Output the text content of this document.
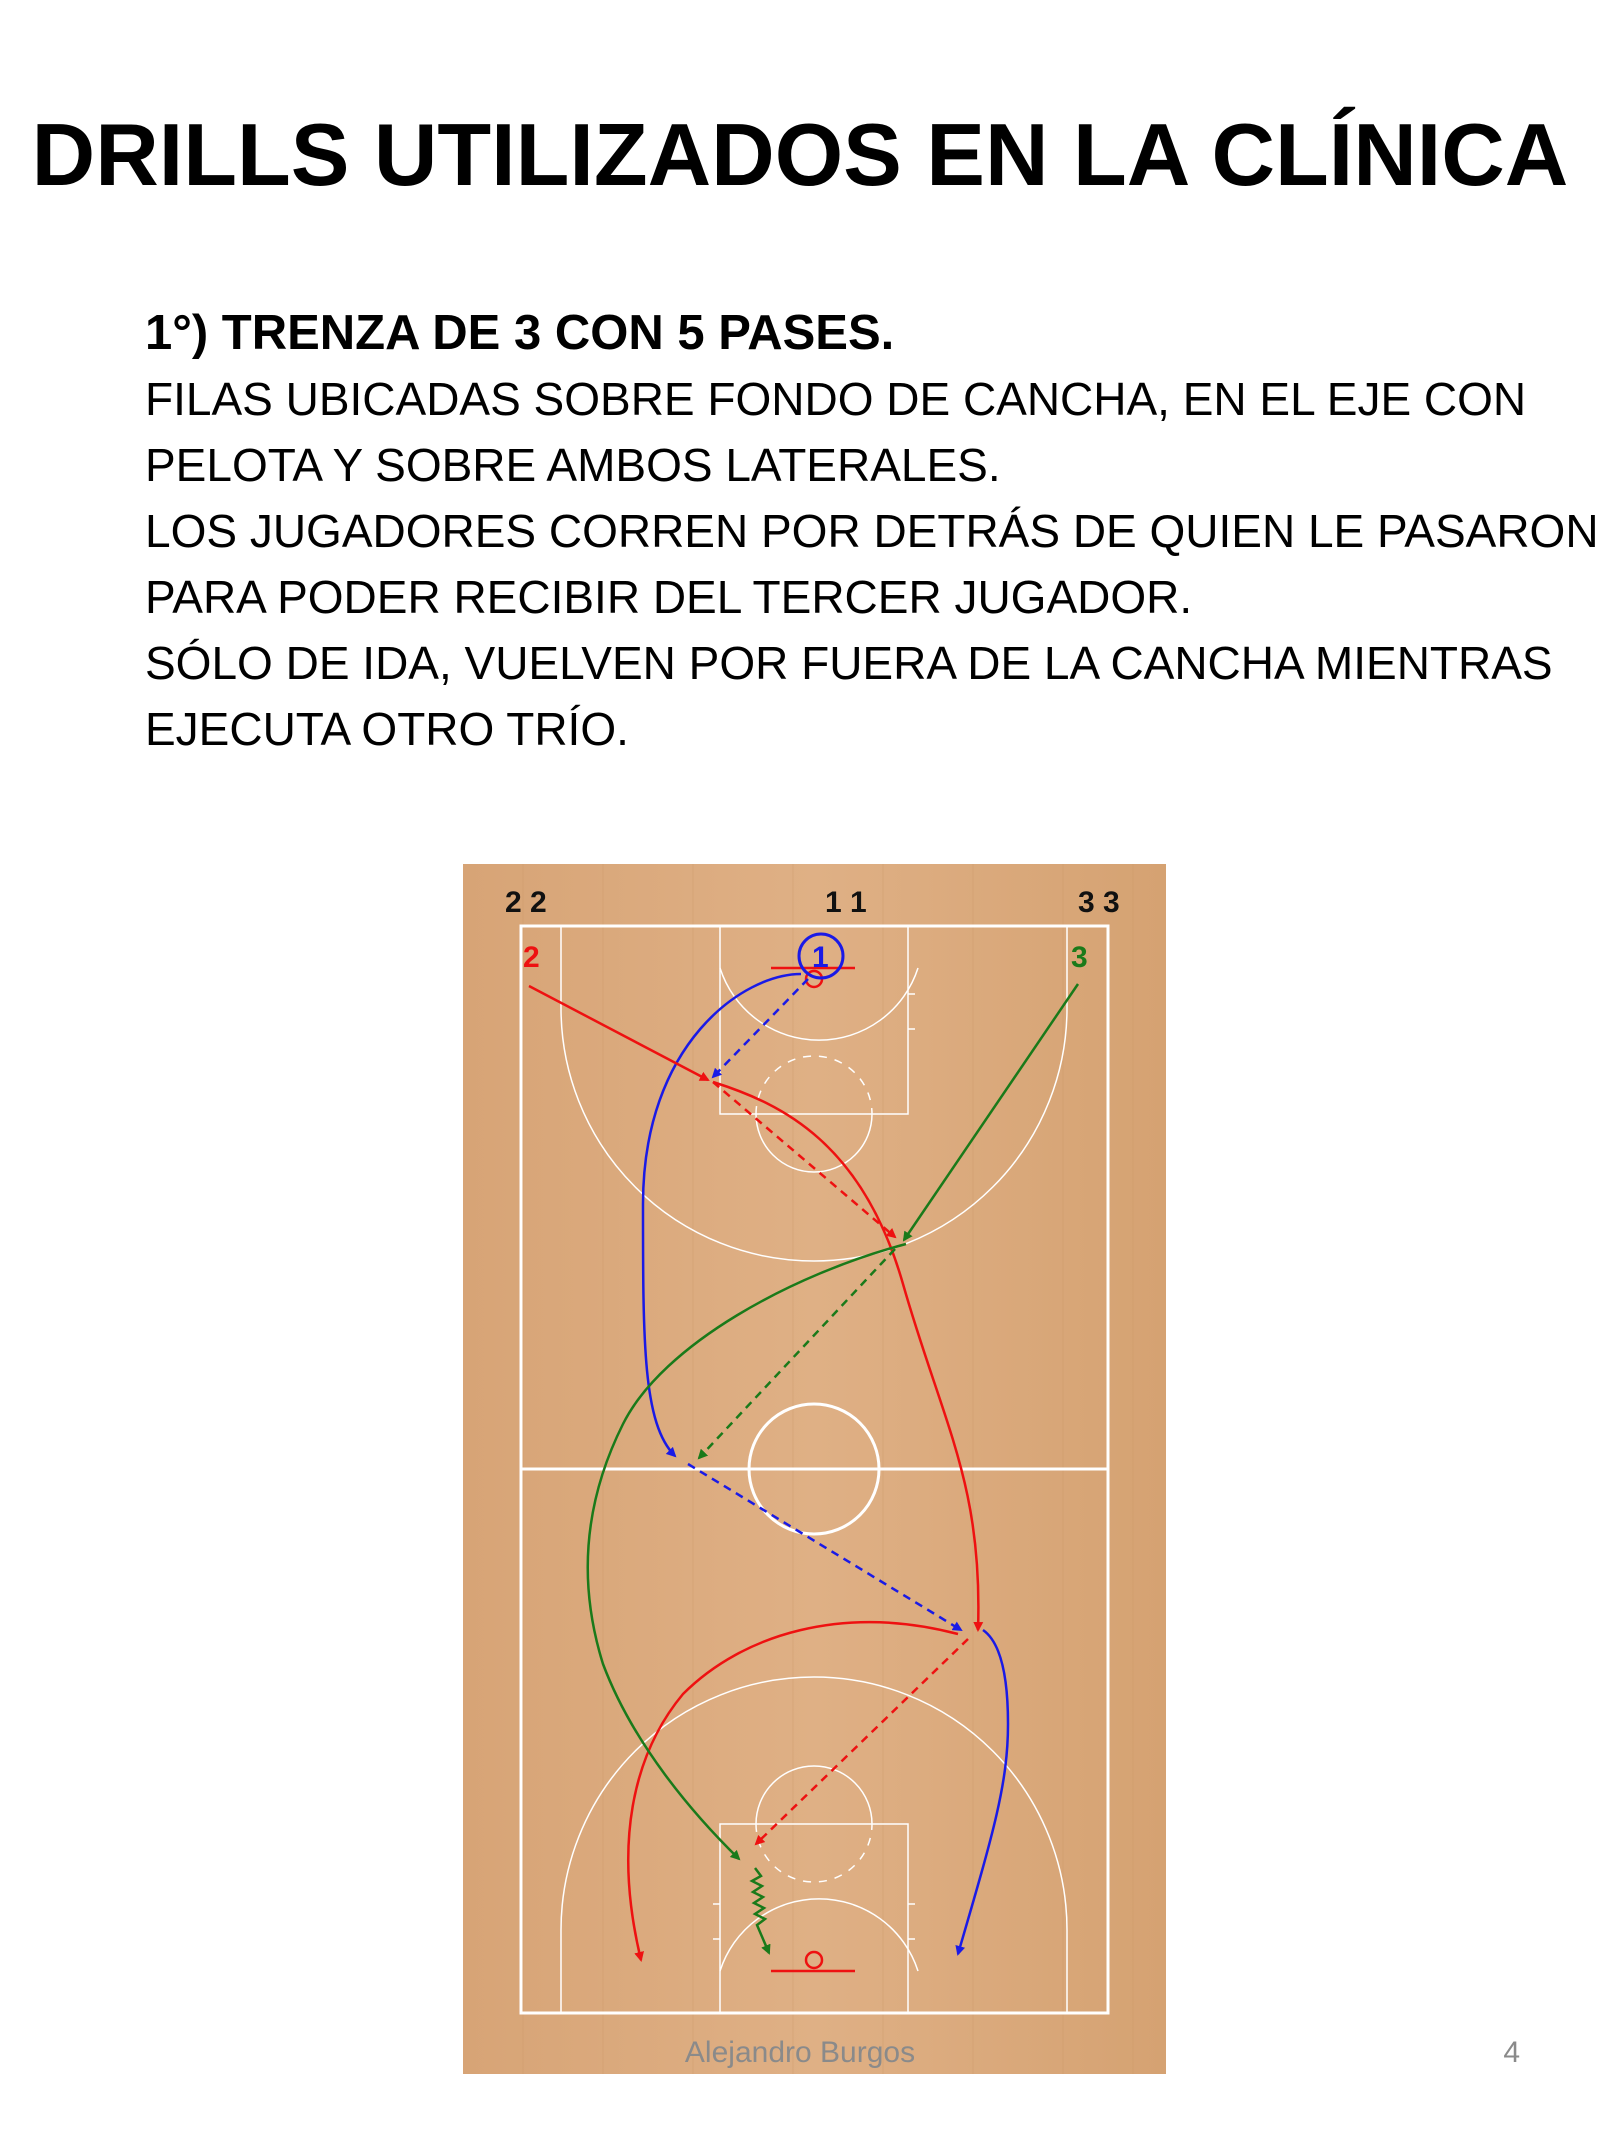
DRILLS UTILIZADOS EN LA CLÍNICA
1°) TRENZA DE 3 CON 5 PASES.
FILAS UBICADAS SOBRE FONDO DE CANCHA, EN EL EJE CON
PELOTA Y SOBRE AMBOS LATERALES.
LOS JUGADORES CORREN POR DETRÁS DE QUIEN LE PASARON
PARA PODER RECIBIR DEL TERCER JUGADOR.
SÓLO DE IDA, VUELVEN POR FUERA DE LA CANCHA MIENTRAS
EJECUTA OTRO TRÍO.
2 2	1 1	3 3
2	1	3
Alejandro Burgos	4
